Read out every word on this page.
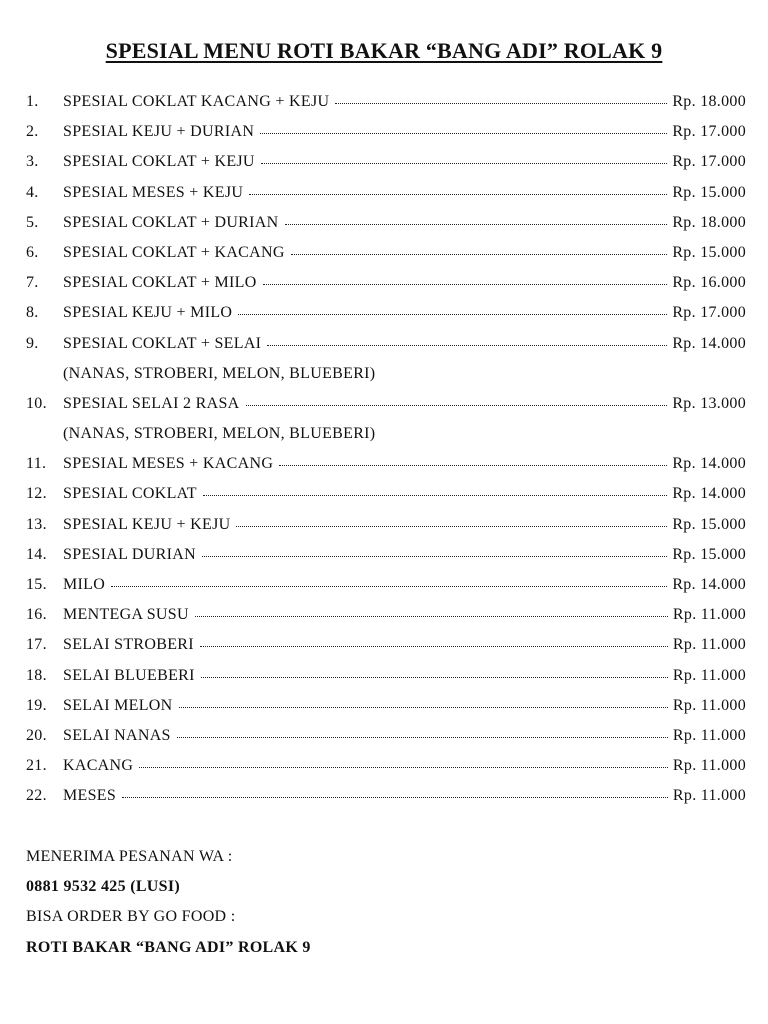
SPESIAL MENU ROTI BAKAR “BANG ADI” ROLAK 9
1.	SPESIAL COKLAT KACANG + KEJU	Rp. 18.000
2.	SPESIAL KEJU + DURIAN	Rp. 17.000
3.	SPESIAL COKLAT + KEJU	Rp. 17.000
4.	SPESIAL MESES + KEJU	Rp. 15.000
5.	SPESIAL COKLAT + DURIAN	Rp. 18.000
6.	SPESIAL COKLAT + KACANG	Rp. 15.000
7.	SPESIAL COKLAT + MILO	Rp. 16.000
8.	SPESIAL KEJU + MILO	Rp. 17.000
9.	SPESIAL COKLAT + SELAI	Rp. 14.000
(NANAS, STROBERI, MELON, BLUEBERI)
10.	SPESIAL SELAI 2 RASA	Rp. 13.000
(NANAS, STROBERI, MELON, BLUEBERI)
11.	SPESIAL MESES + KACANG	Rp. 14.000
12.	SPESIAL COKLAT	Rp. 14.000
13.	SPESIAL KEJU + KEJU	Rp. 15.000
14.	SPESIAL DURIAN	Rp. 15.000
15.	MILO	Rp. 14.000
16.	MENTEGA SUSU	Rp. 11.000
17.	SELAI STROBERI	Rp. 11.000
18.	SELAI BLUEBERI	Rp. 11.000
19.	SELAI MELON	Rp. 11.000
20.	SELAI NANAS	Rp. 11.000
21.	KACANG	Rp. 11.000
22.	MESES	Rp. 11.000
MENERIMA PESANAN WA :
0881 9532 425 (LUSI)
BISA ORDER BY GO FOOD :
ROTI BAKAR “BANG ADI” ROLAK 9
